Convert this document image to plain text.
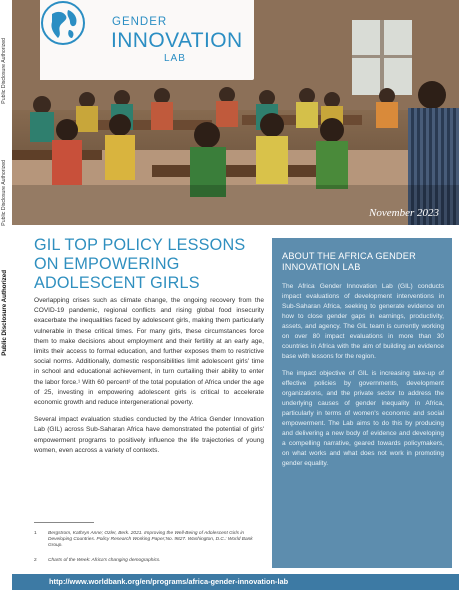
Public Disclosure Authorized
Public Disclosure Authorized
Public Disclosure Authorized
GENDER
INNOVATION
LAB
November 2023
GIL TOP POLICY LESSONS ON EMPOWERING ADOLESCENT GIRLS

Overlapping crises such as climate change, the ongoing recovery from the COVID-19 pandemic, regional conflicts and rising global food insecurity exacerbate the inequalities faced by adolescent girls, making them particularly vulnerable in these critical times. For many girls, these circumstances force them to make decisions about employment and their fertility at an early age, limits their access to formal education, and further exposes them to restrictive social norms. Additionally, domestic responsibilities limit adolescent girls' time in school and educational achievement, in turn curtailing their ability to enter the labor force.¹ With 60 percent² of the total population of Africa under the age of 25, investing in empowering adolescent girls is critical to accelerate economic growth and reduce intergenerational poverty.

Several impact evaluation studies conducted by the Africa Gender Innovation Lab (GIL) across Sub-Saharan Africa have demonstrated the potential of girls' empowerment programs to positively influence the life trajectories of young women, even accross a variety of contexts.

1 Bergstrom, Kathryn Anne; Ozler, Berk. 2021. Improving the Well-Being of Adolescent Girls in Developing Countries. Policy Research Working Paper;No. 9827. Washington, D.C.: World Bank Group.
2 Charts of the Week: Africa's changing demographics.
ABOUT THE AFRICA GENDER INNOVATION LAB

The Africa Gender Innovation Lab (GIL) conducts impact evaluations of development interventions in Sub-Saharan Africa, seeking to generate evidence on how to close gender gaps in earnings, productivity, assets, and agency. The GIL team is currently working on over 80 impact evaluations in more than 30 countries in Africa with the aim of building an evidence base with lessons for the region.

The impact objective of GIL is increasing take-up of effective policies by governments, development organizations, and the private sector to address the underlying causes of gender inequality in Africa, particularly in terms of women's economic and social empowerment. The Lab aims to do this by producing and delivering a new body of evidence and developing a compelling narrative, geared towards policymakers, on what works and what does not work in promoting gender equality.

http://www.worldbank.org/en/programs/africa-gender-innovation-lab
